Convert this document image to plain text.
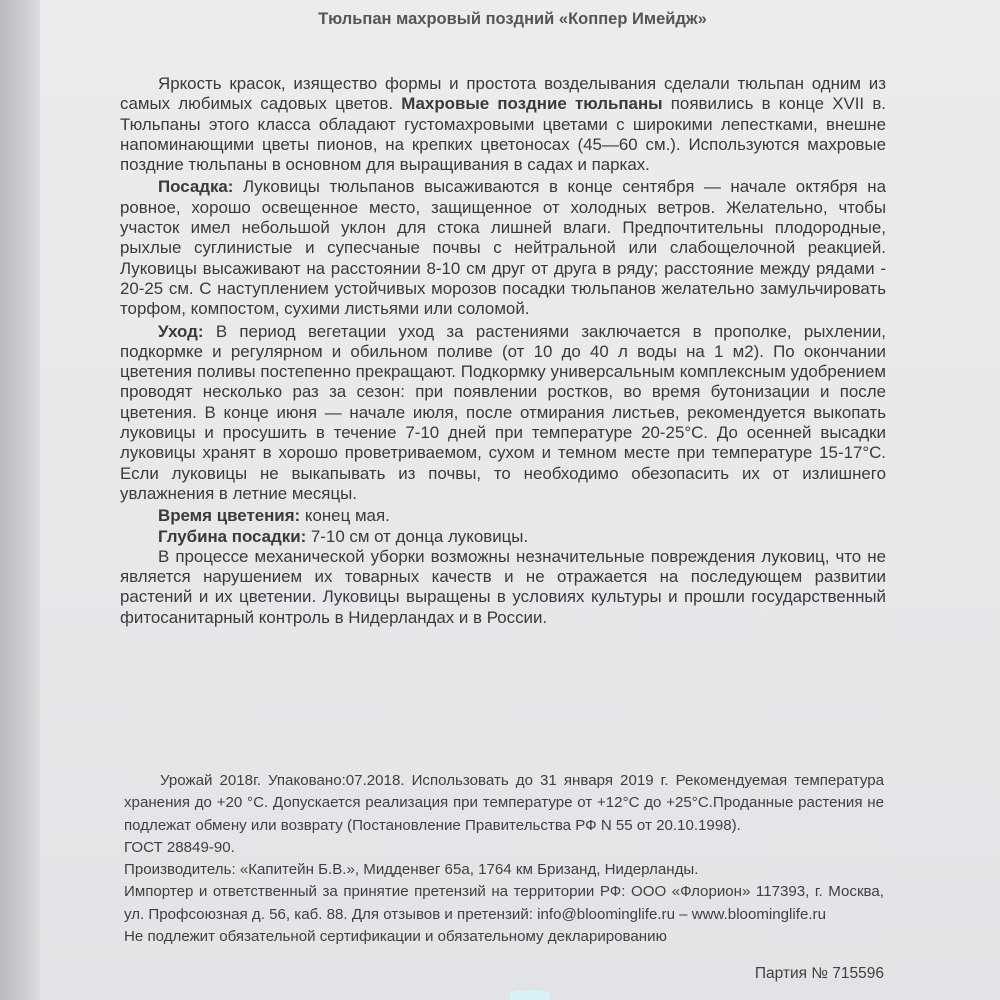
Тюльпан махровый поздний «Коппер Имейдж»

Яркость красок, изящество формы и простота возделывания сделали тюльпан одним из самых любимых садовых цветов. Махровые поздние тюльпаны появились в конце XVII в. Тюльпаны этого класса обладают густомахровыми цветами с широкими лепестками, внешне напоминающими цветы пионов, на крепких цветоносах (45—60 см.). Используются махровые поздние тюльпаны в основном для выращивания в садах и парках.

Посадка: Луковицы тюльпанов высаживаются в конце сентября — начале октября на ровное, хорошо освещенное место, защищенное от холодных ветров. Желательно, чтобы участок имел небольшой уклон для стока лишней влаги. Предпочтительны плодородные, рыхлые суглинистые и супесчаные почвы с нейтральной или слабощелочной реакцией. Луковицы высаживают на расстоянии 8-10 см друг от друга в ряду; расстояние между рядами - 20-25 см. С наступлением устойчивых морозов посадки тюльпанов желательно замульчировать торфом, компостом, сухими листьями или соломой.

Уход: В период вегетации уход за растениями заключается в прополке, рыхлении, подкормке и регулярном и обильном поливе (от 10 до 40 л воды на 1 м2). По окончании цветения поливы постепенно прекращают. Подкормку универсальным комплексным удобрением проводят несколько раз за сезон: при появлении ростков, во время бутонизации и после цветения. В конце июня — начале июля, после отмирания листьев, рекомендуется выкопать луковицы и просушить в течение 7-10 дней при температуре 20-25°С. До осенней высадки луковицы хранят в хорошо проветриваемом, сухом и темном месте при температуре 15-17°С. Если луковицы не выкапывать из почвы, то необходимо обезопасить их от излишнего увлажнения в летние месяцы.

Время цветения: конец мая.

Глубина посадки: 7-10 см от донца луковицы.

В процессе механической уборки возможны незначительные повреждения луковиц, что не является нарушением их товарных качеств и не отражается на последующем развитии растений и их цветении. Луковицы выращены в условиях культуры и прошли государственный фитосанитарный контроль в Нидерландах и в России.

Урожай 2018г. Упаковано:07.2018. Использовать до 31 января 2019 г. Рекомендуемая температура хранения до +20 °С. Допускается реализация при температуре от +12°С до +25°С.Проданные растения не подлежат обмену или возврату (Постановление Правительства РФ N 55 от 20.10.1998).

ГОСТ 28849-90.

Производитель: «Капитейн Б.В.», Мидденвег 65а, 1764 км Бризанд, Нидерланды.

Импортер и ответственный за принятие претензий на территории РФ: ООО «Флорион» 117393, г. Москва, ул. Профсоюзная д. 56, каб. 88. Для отзывов и претензий: info@bloominglife.ru – www.bloominglife.ru

Не подлежит обязательной сертификации и обязательному декларированию

Партия № 715596
